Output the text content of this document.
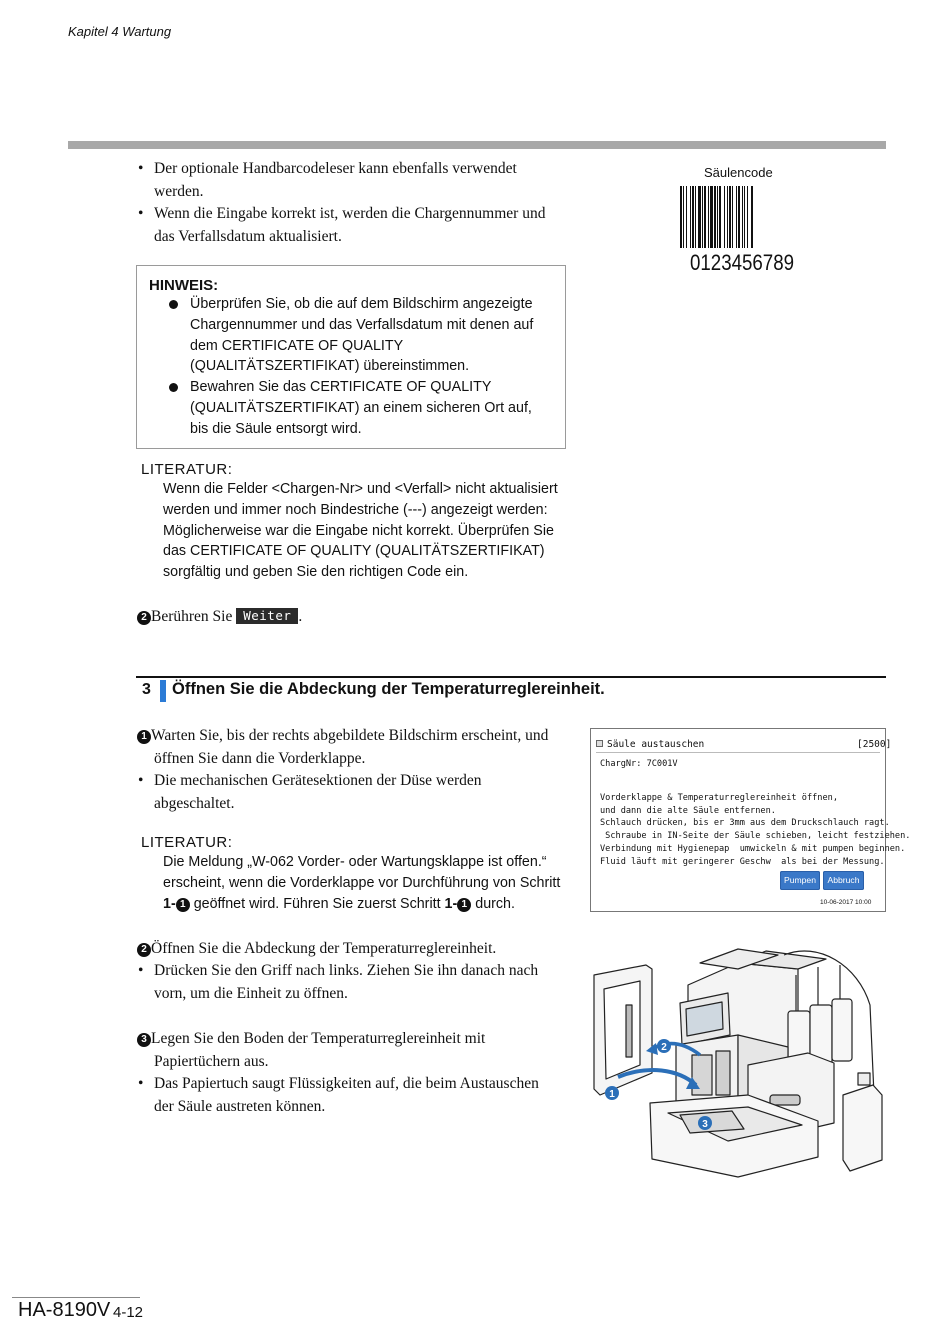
Kapitel 4 Wartung
• Der optionale Handbarcodeleser kann ebenfalls verwendet
werden.
• Wenn die Eingabe korrekt ist, werden die Chargennummer und
das Verfallsdatum aktualisiert.
Säulencode
0123456789
HINWEIS:
Überprüfen Sie, ob die auf dem Bildschirm angezeigte
Chargennummer und das Verfallsdatum mit denen auf
dem CERTIFICATE OF QUALITY
(QUALITÄTSZERTIFIKAT) übereinstimmen.
Bewahren Sie das CERTIFICATE OF QUALITY
(QUALITÄTSZERTIFIKAT) an einem sicheren Ort auf,
bis die Säule entsorgt wird.
LITERATUR:
Wenn die Felder <Chargen-Nr> und <Verfall> nicht aktualisiert
werden und immer noch Bindestriche (---) angezeigt werden:
Möglicherweise war die Eingabe nicht korrekt. Überprüfen Sie
das CERTIFICATE OF QUALITY (QUALITÄTSZERTIFIKAT)
sorgfältig und geben Sie den richtigen Code ein.
2 Berühren Sie Weiter .
3 Öffnen Sie die Abdeckung der Temperaturreglereinheit.
1 Warten Sie, bis der rechts abgebildete Bildschirm erscheint, und
öffnen Sie dann die Vorderklappe.
• Die mechanischen Gerätesektionen der Düse werden
abgeschaltet.
LITERATUR:
Die Meldung „W-062 Vorder- oder Wartungsklappe ist offen.“
erscheint, wenn die Vorderklappe vor Durchführung von Schritt
1- 1 geöffnet wird. Führen Sie zuerst Schritt 1- 1 durch.
Säule austauschen	[2500]
ChargNr: 7C001V
Vorderklappe & Temperaturreglereinheit öffnen,
und dann die alte Säule entfernen.
Schlauch drücken, bis er 3mm aus dem Druckschlauch ragt.
Schraube in IN-Seite der Säule schieben, leicht festziehen.
Verbindung mit Hygienepap  umwickeln & mit pumpen beginnen.
Fluid läuft mit geringerer Geschw  als bei der Messung.
Pumpen	Abbruch
10-06-2017 10:00
2 Öffnen Sie die Abdeckung der Temperaturreglereinheit.
• Drücken Sie den Griff nach links. Ziehen Sie ihn danach nach
vorn, um die Einheit zu öffnen.
3 Legen Sie den Boden der Temperaturreglereinheit mit
Papiertüchern aus.
• Das Papiertuch saugt Flüssigkeiten auf, die beim Austauschen
der Säule austreten können.
1
2
3
HA-8190V 4-12
